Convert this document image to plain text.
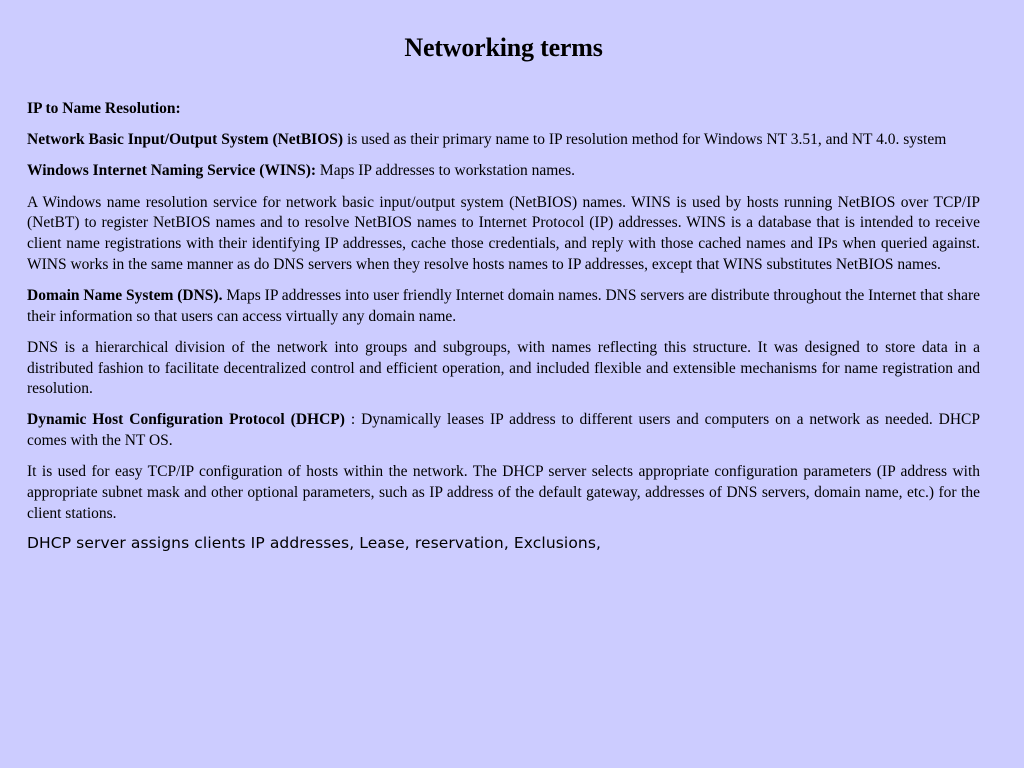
Networking terms
IP to Name Resolution:

Network Basic Input/Output System (NetBIOS) is used as their primary name to IP resolution method for Windows NT 3.51, and NT 4.0. system

Windows Internet Naming Service (WINS): Maps IP addresses to workstation names.

A Windows name resolution service for network basic input/output system (NetBIOS) names. WINS is used by hosts running NetBIOS over TCP/IP (NetBT) to register NetBIOS names and to resolve NetBIOS names to Internet Protocol (IP) addresses. WINS is a database that is intended to receive client name registrations with their identifying IP addresses, cache those credentials, and reply with those cached names and IPs when queried against. WINS works in the same manner as do DNS servers when they resolve hosts names to IP addresses, except that WINS substitutes NetBIOS names.

Domain Name System (DNS). Maps IP addresses into user friendly Internet domain names. DNS servers are distribute throughout the Internet that share their information so that users can access virtually any domain name.

DNS is a hierarchical division of the network into groups and subgroups, with names reflecting this structure. It was designed to store data in a distributed fashion to facilitate decentralized control and efficient operation, and included flexible and extensible mechanisms for name registration and resolution.

Dynamic Host Configuration Protocol (DHCP) : Dynamically leases IP address to different users and computers on a network as needed. DHCP comes with the NT OS.

It is used for easy TCP/IP configuration of hosts within the network. The DHCP server selects appropriate configuration parameters (IP address with appropriate subnet mask and other optional parameters, such as IP address of the default gateway, addresses of DNS servers, domain name, etc.) for the client stations.

DHCP server assigns clients IP addresses, Lease, reservation, Exclusions,
